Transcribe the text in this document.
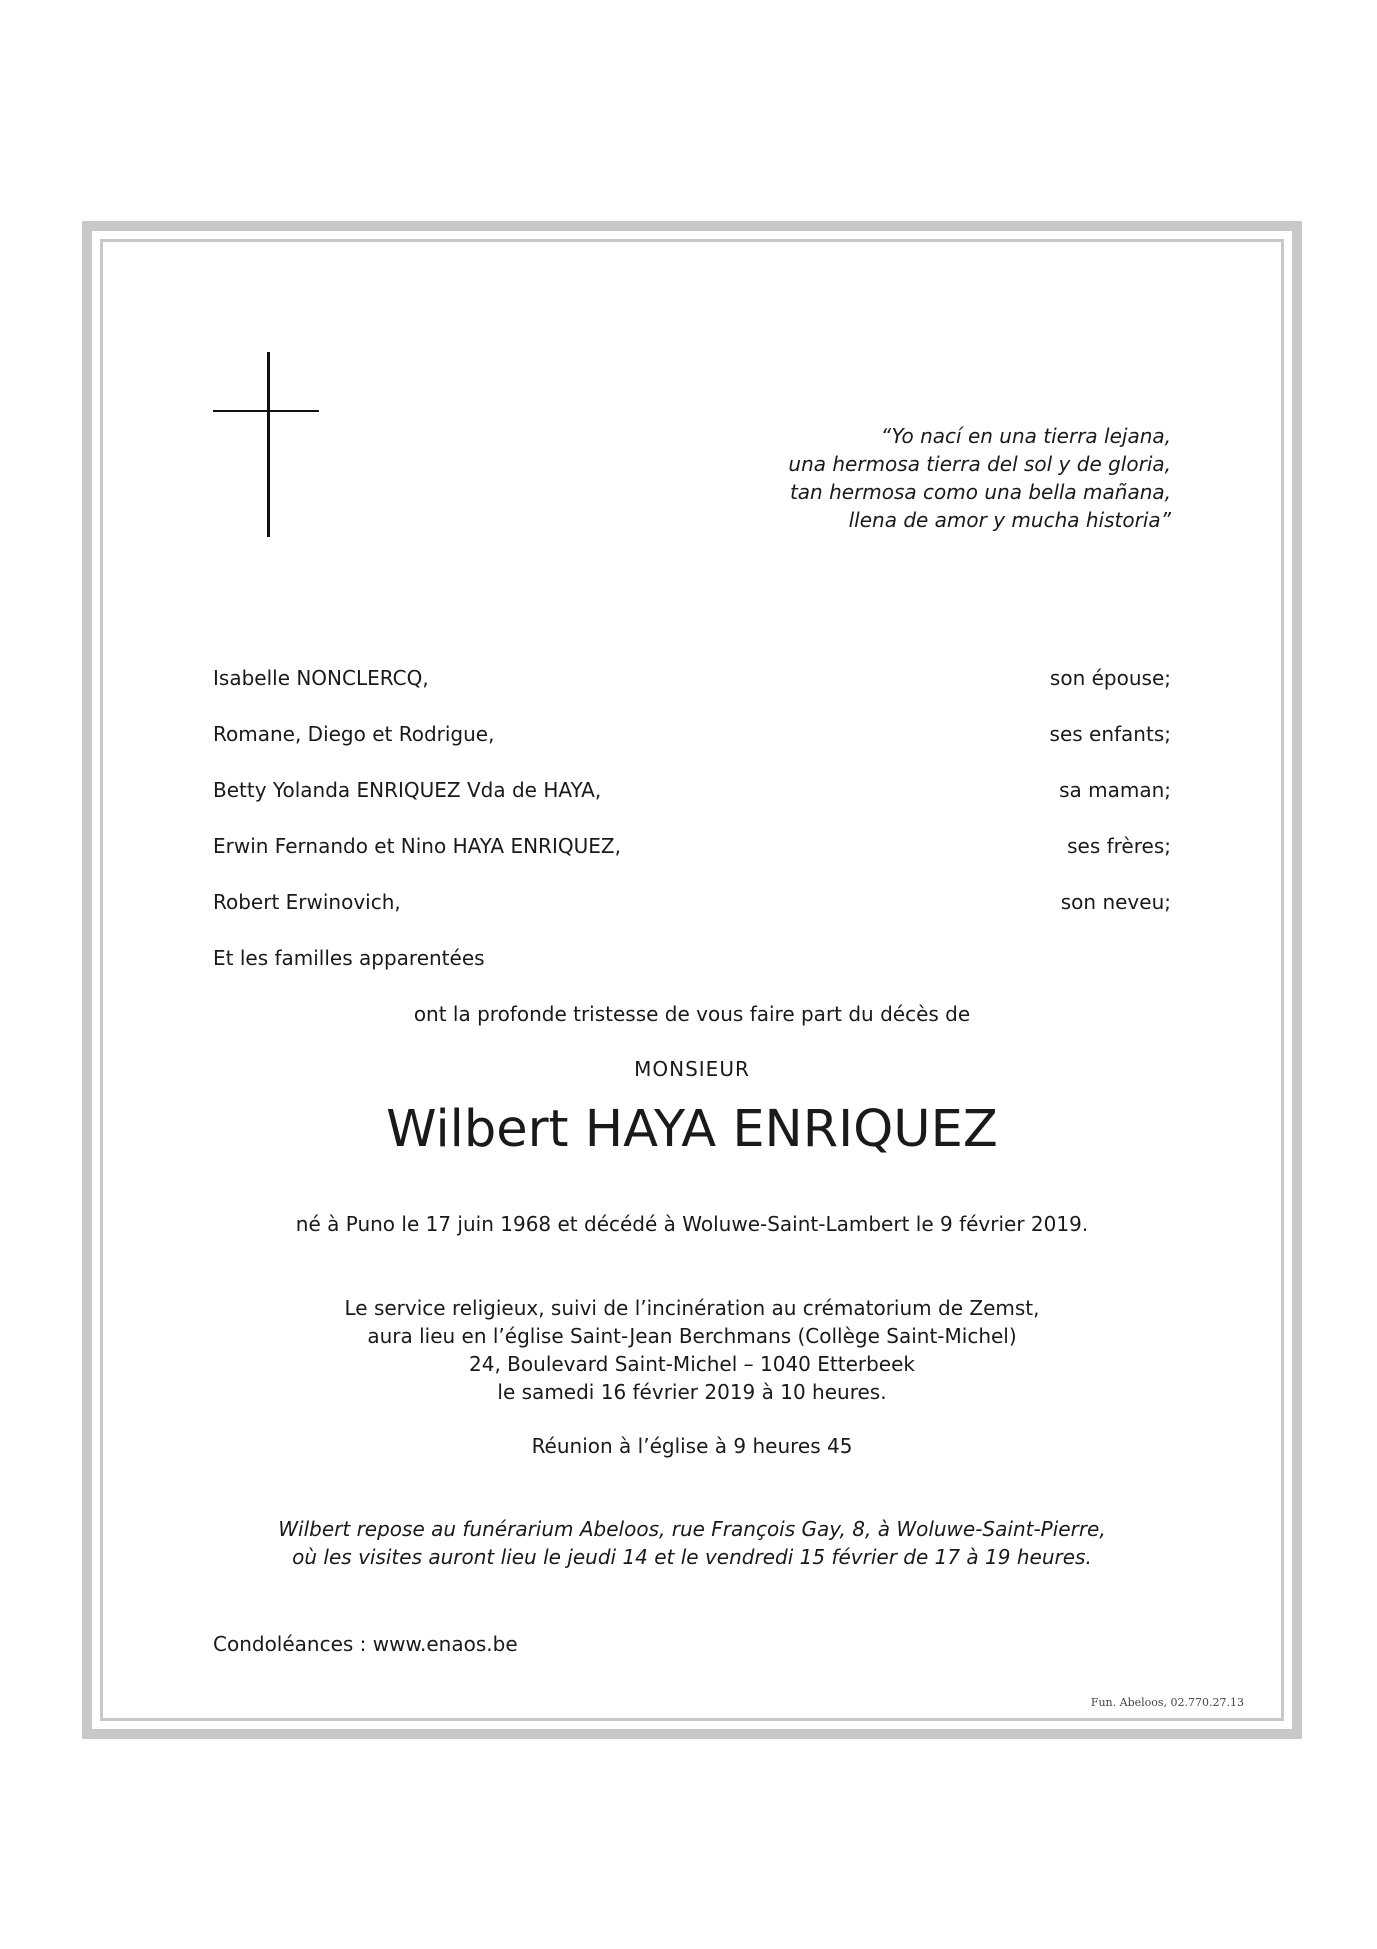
“Yo nací en una tierra lejana,
una hermosa tierra del sol y de gloria,
tan hermosa como una bella mañana,
llena de amor y mucha historia”
Isabelle NONCLERCQ,	son épouse;
Romane, Diego et Rodrigue,	ses enfants;
Betty Yolanda ENRIQUEZ Vda de HAYA,	sa maman;
Erwin Fernando et Nino HAYA ENRIQUEZ,	ses frères;
Robert Erwinovich,	son neveu;
Et les familles apparentées
ont la profonde tristesse de vous faire part du décès de
MONSIEUR
Wilbert HAYA ENRIQUEZ
né à Puno le 17 juin 1968 et décédé à Woluwe-Saint-Lambert le 9 février 2019.
Le service religieux, suivi de l’incinération au crématorium de Zemst,
aura lieu en l’église Saint-Jean Berchmans (Collège Saint-Michel)
24, Boulevard Saint-Michel – 1040 Etterbeek
le samedi 16 février 2019 à 10 heures.
Réunion à l’église à 9 heures 45
Wilbert repose au funérarium Abeloos, rue François Gay, 8, à Woluwe-Saint-Pierre,
où les visites auront lieu le jeudi 14 et le vendredi 15 février de 17 à 19 heures.
Condoléances : www.enaos.be
Fun. Abeloos, 02.770.27.13
